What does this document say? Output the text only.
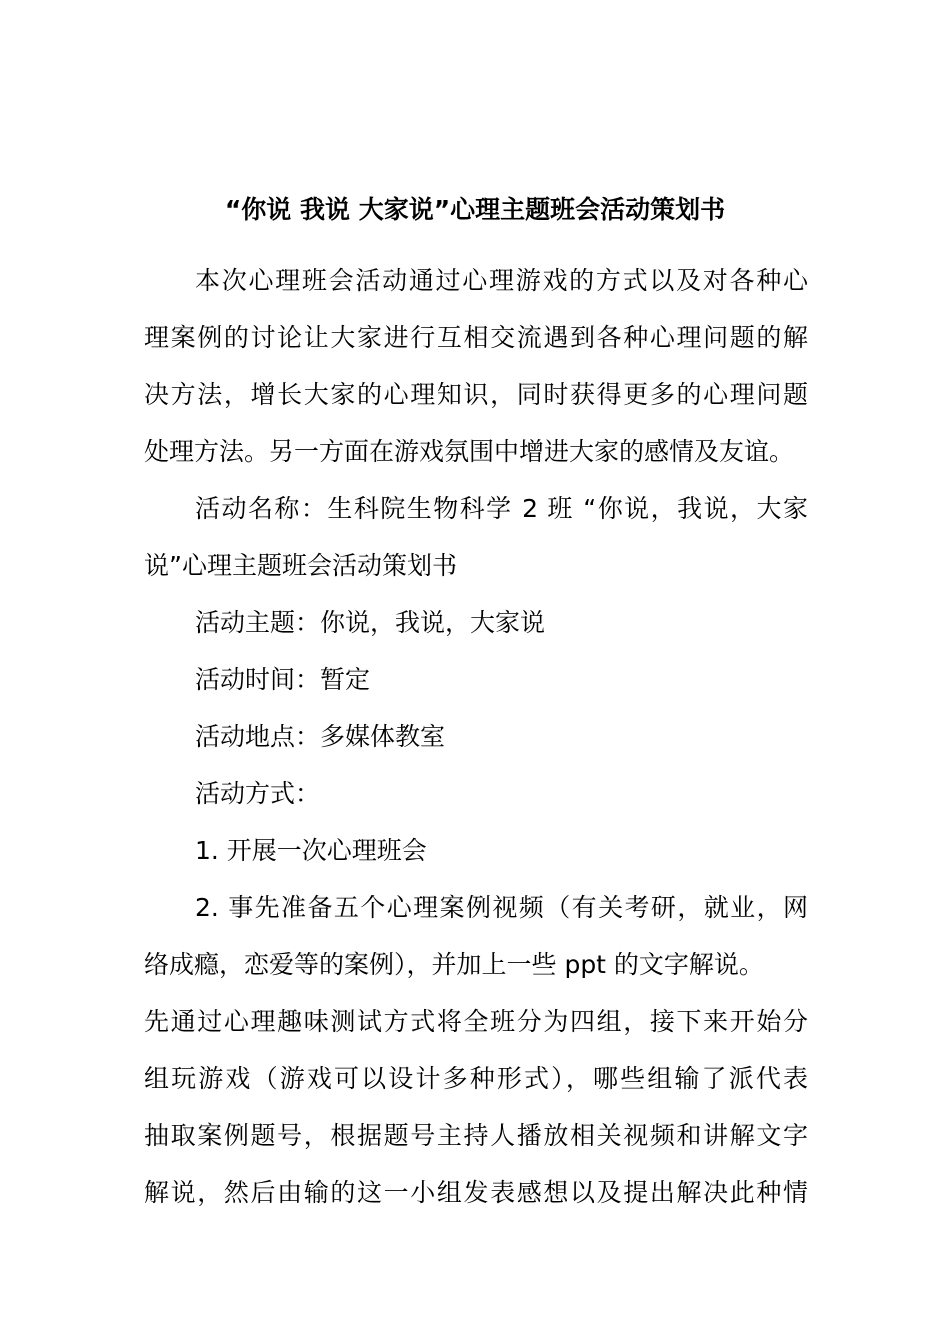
“你说 我说 大家说”心理主题班会活动策划书
本次心理班会活动通过心理游戏的方式以及对各种心
理案例的讨论让大家进行互相交流遇到各种心理问题的解
决方法，增长大家的心理知识，同时获得更多的心理问题
处理方法。另一方面在游戏氛围中增进大家的感情及友谊。
活动名称：生科院生物科学 2 班 “你说，我说，大家
说”心理主题班会活动策划书
活动主题：你说，我说，大家说
活动时间：暂定
活动地点：多媒体教室
活动方式：
1. 开展一次心理班会
2. 事先准备五个心理案例视频（有关考研，就业，网
络成瘾，恋爱等的案例），并加上一些 ppt 的文字解说。
先通过心理趣味测试方式将全班分为四组，接下来开始分
组玩游戏（游戏可以设计多种形式），哪些组输了派代表
抽取案例题号，根据题号主持人播放相关视频和讲解文字
解说，然后由输的这一小组发表感想以及提出解决此种情
